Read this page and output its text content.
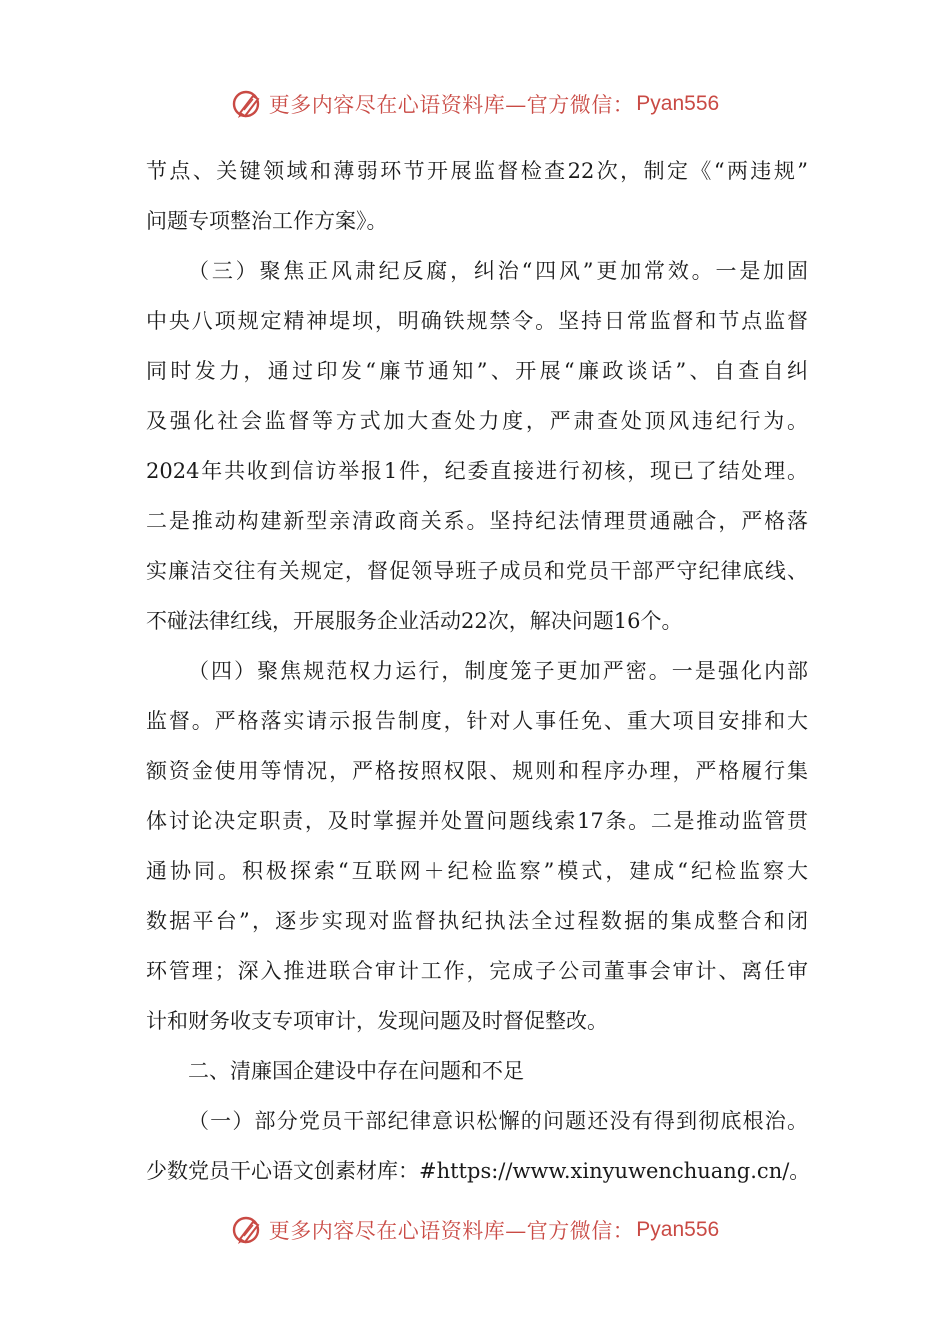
更多内容尽在心语资料库—官方微信： Pyan556
节点、关键领域和薄弱环节开展监督检查22次，制定《“两违规”
问题专项整治工作方案》。
（三）聚焦正风肃纪反腐，纠治“四风”更加常效。一是加固
中央八项规定精神堤坝，明确铁规禁令。坚持日常监督和节点监督
同时发力，通过印发“廉节通知”、开展“廉政谈话”、自查自纠
及强化社会监督等方式加大查处力度，严肃查处顶风违纪行为。
2024年共收到信访举报1件，纪委直接进行初核，现已了结处理。
二是推动构建新型亲清政商关系。坚持纪法情理贯通融合，严格落
实廉洁交往有关规定，督促领导班子成员和党员干部严守纪律底线、
不碰法律红线，开展服务企业活动22次，解决问题16个。
（四）聚焦规范权力运行，制度笼子更加严密。一是强化内部
监督。严格落实请示报告制度，针对人事任免、重大项目安排和大
额资金使用等情况，严格按照权限、规则和程序办理，严格履行集
体讨论决定职责，及时掌握并处置问题线索17条。二是推动监管贯
通协同。积极探索“互联网＋纪检监察”模式，建成“纪检监察大
数据平台”，逐步实现对监督执纪执法全过程数据的集成整合和闭
环管理；深入推进联合审计工作，完成子公司董事会审计、离任审
计和财务收支专项审计，发现问题及时督促整改。
二、清廉国企建设中存在问题和不足
（一）部分党员干部纪律意识松懈的问题还没有得到彻底根治。
少数党员干心语文创素材库：#https://www.xinyuwenchuang.cn/。
更多内容尽在心语资料库—官方微信： Pyan556
